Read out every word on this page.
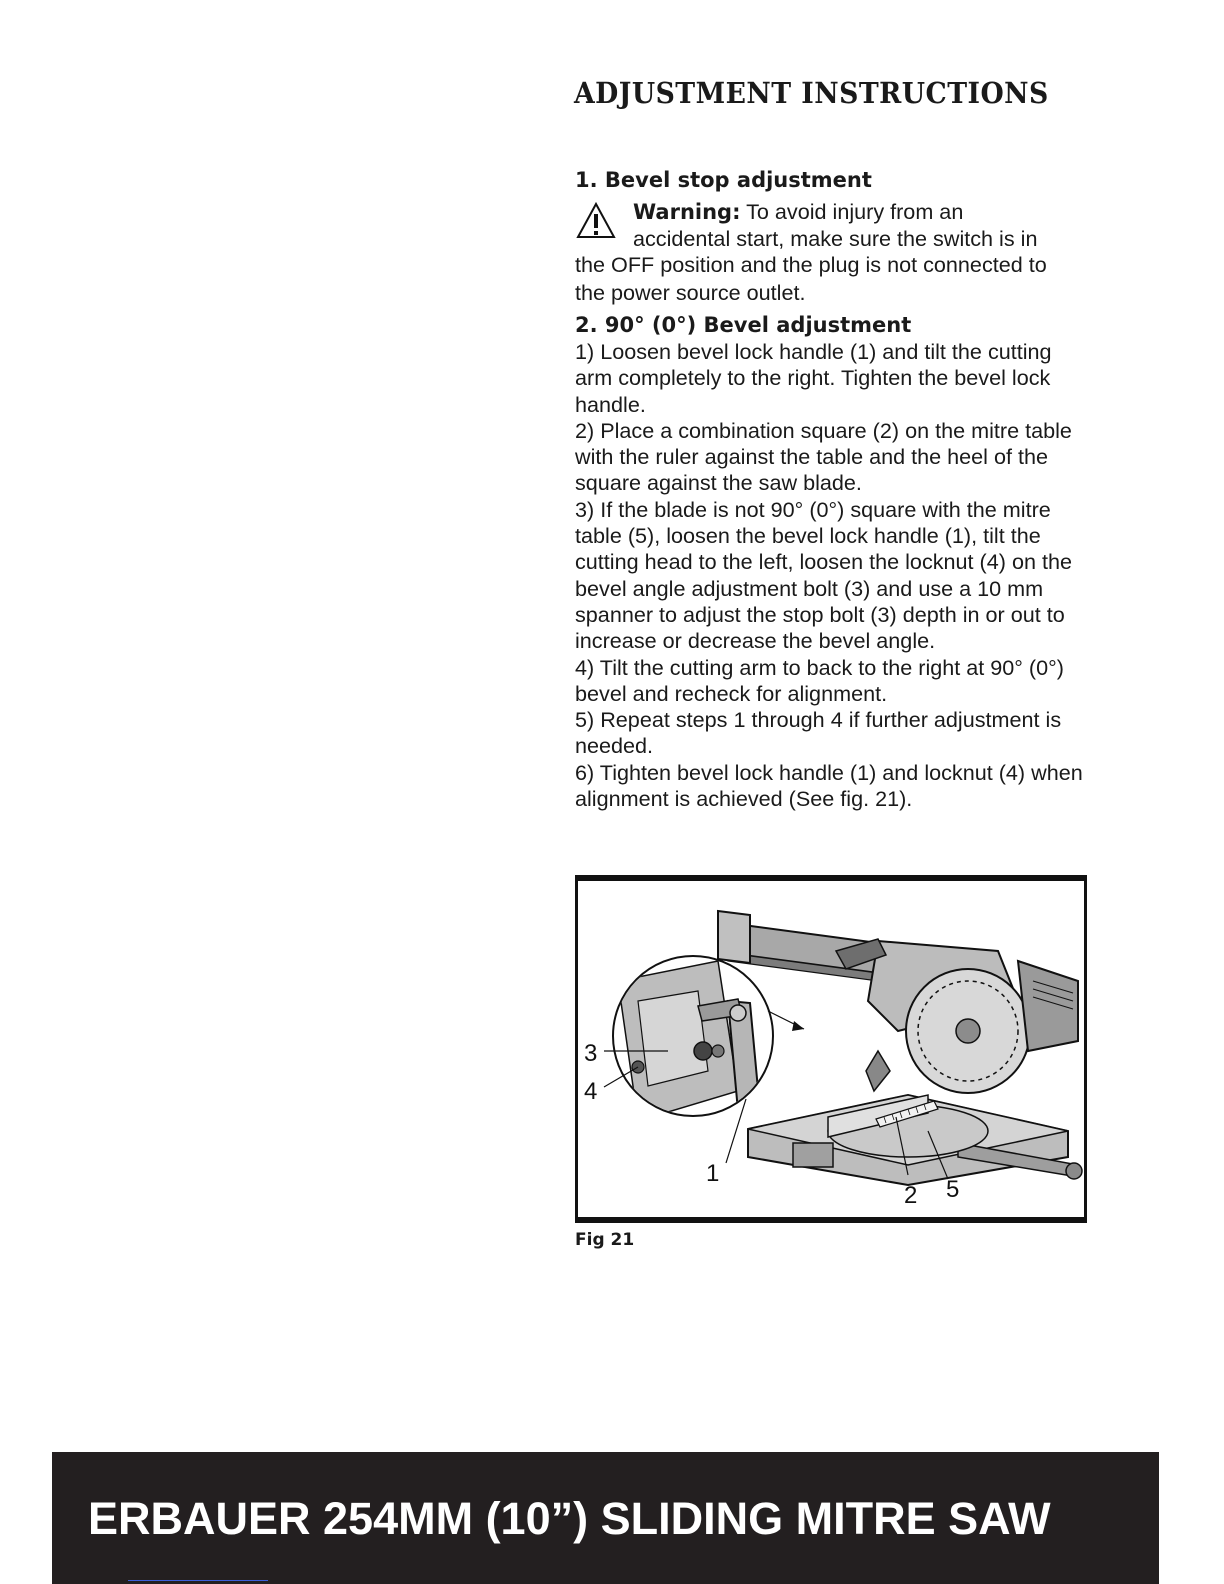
ADJUSTMENT INSTRUCTIONS
1. Bevel stop adjustment
Warning: To avoid injury from an
accidental start, make sure the switch is in
the OFF position and the plug is not connected to
the power source outlet.
2. 90° (0°) Bevel adjustment
1) Loosen bevel lock handle (1) and tilt the cutting arm completely to the right. Tighten the bevel lock handle.
2) Place a combination square (2) on the mitre table with the ruler against the table and the heel of the square against the saw blade.
3) If the blade is not 90° (0°) square with the mitre table (5), loosen the bevel lock handle (1), tilt the cutting head to the left, loosen the locknut (4) on the bevel angle adjustment bolt (3) and use a 10 mm spanner to adjust the stop bolt (3) depth in or out to increase or decrease the bevel angle.
4) Tilt the cutting arm to back to the right at 90° (0°) bevel and recheck for alignment.
5) Repeat steps 1 through 4 if further adjustment is needed.
6) Tighten bevel lock handle (1) and locknut (4) when alignment is achieved (See fig. 21).
3
4
1
2 5
Fig 21
ERBAUER 254MM (10”) SLIDING MITRE SAW
